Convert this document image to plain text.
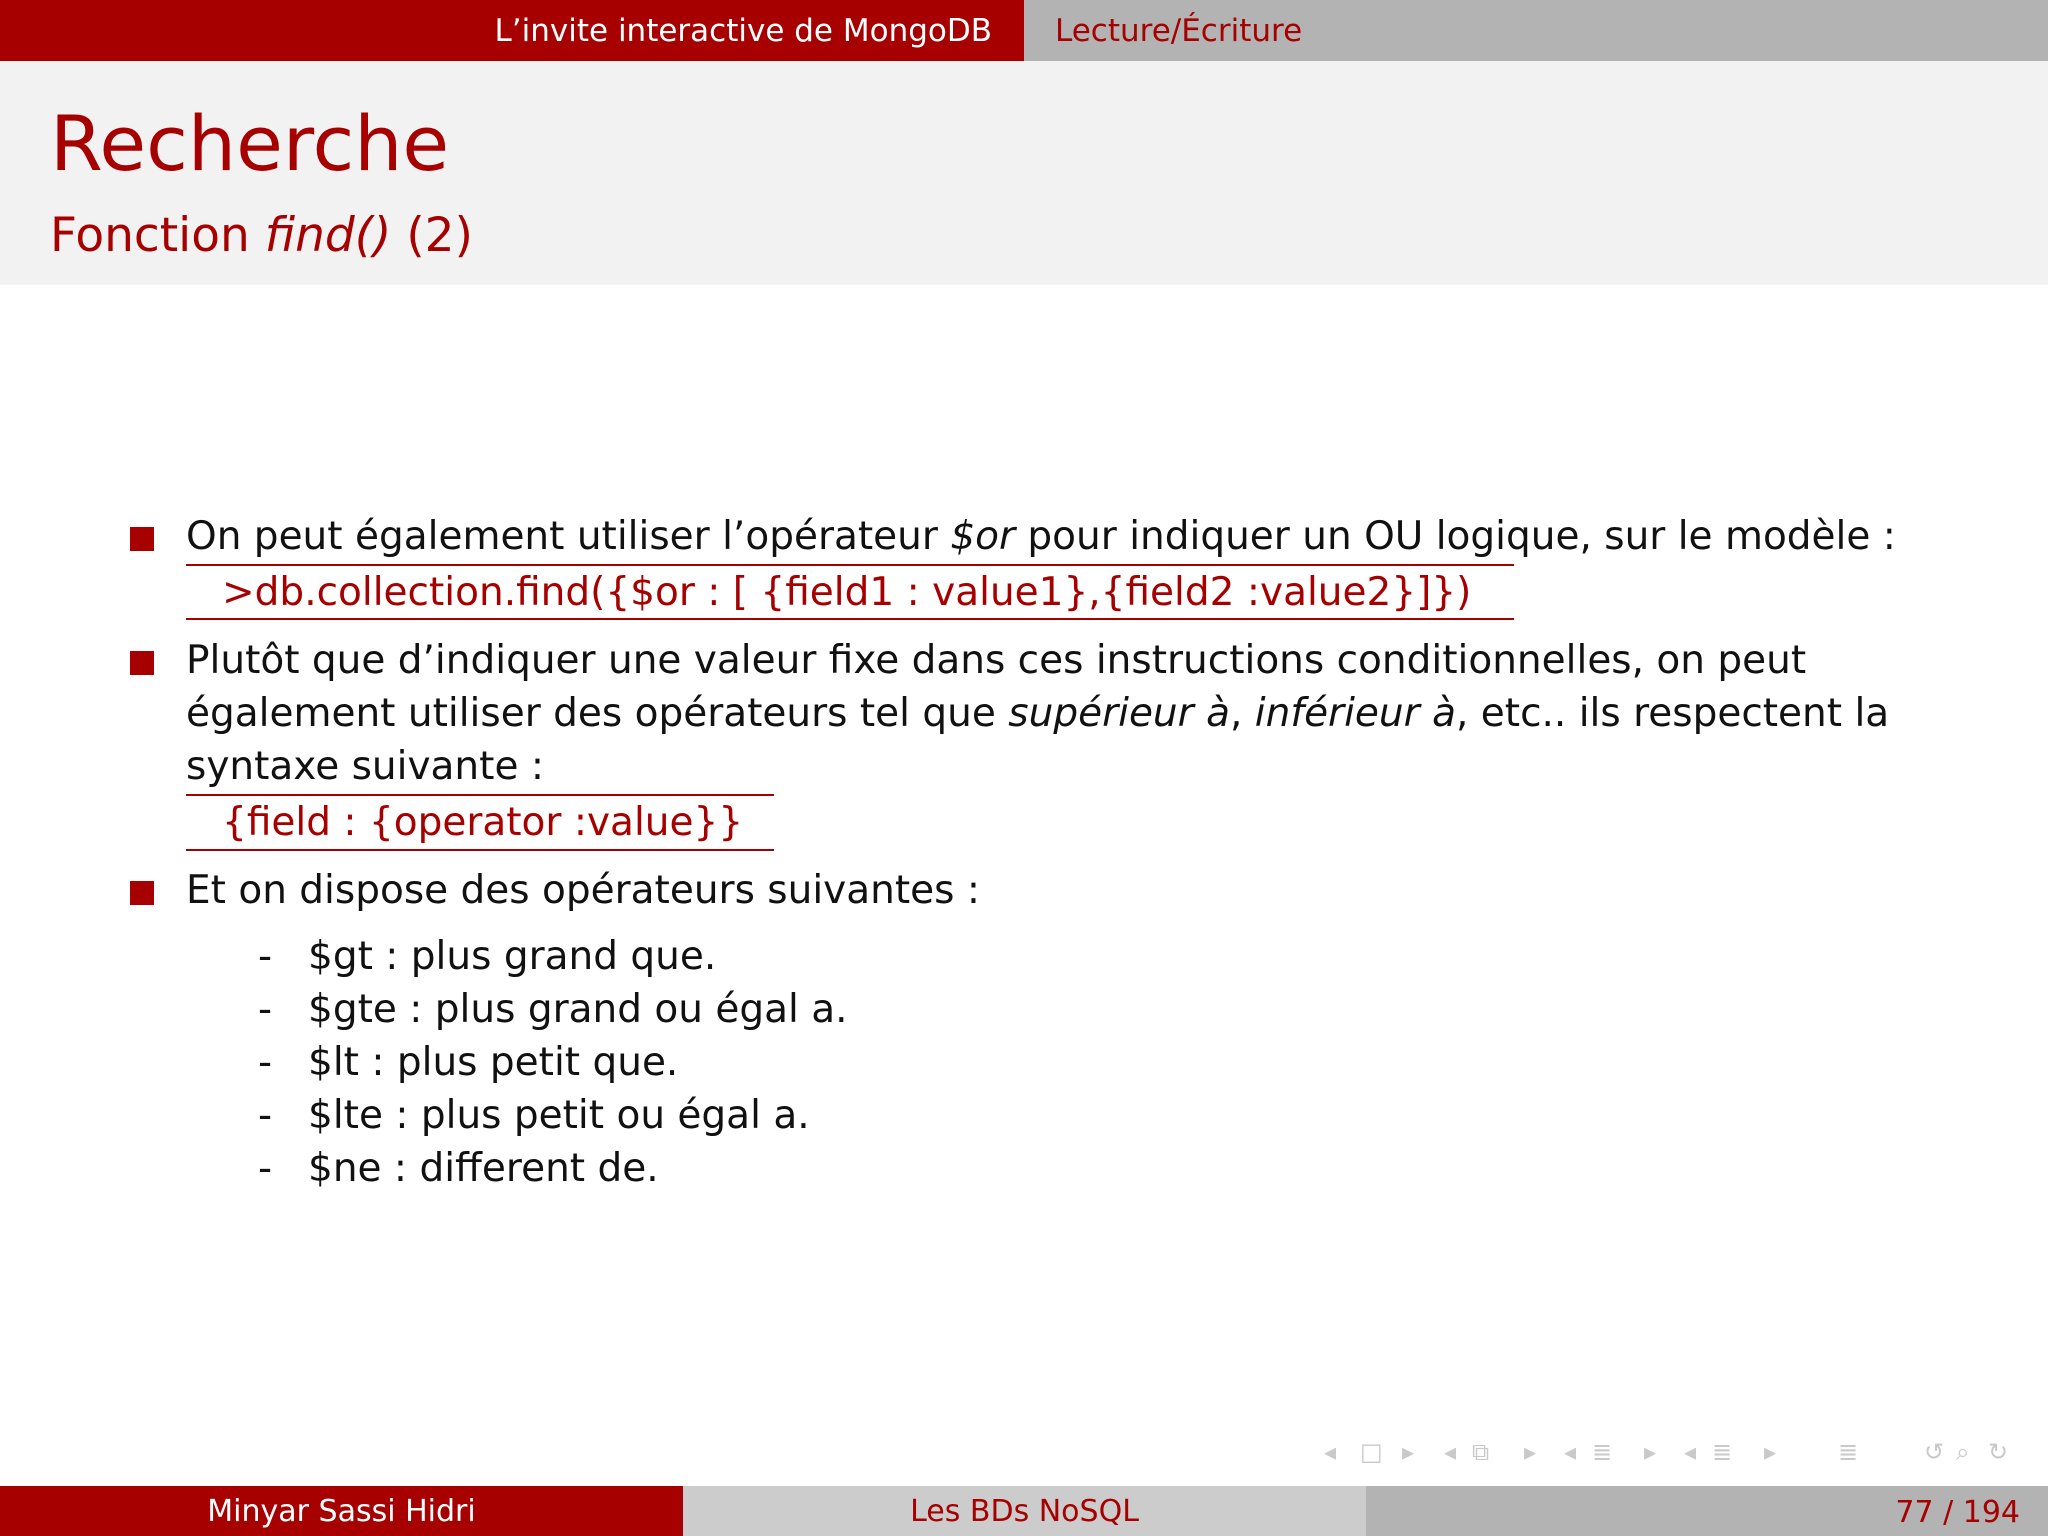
L’invite interactive de MongoDB Lecture/Écriture
Recherche
Fonction find() (2)
On peut également utiliser l’opérateur $or pour indiquer un OU logique, sur le modèle :
>db.collection.find({$or : [ {field1 : value1},{field2 :value2}]})
Plutôt que d’indiquer une valeur fixe dans ces instructions conditionnelles, on peut
également utiliser des opérateurs tel que supérieur à, inférieur à, etc.. ils respectent la
syntaxe suivante :
{field : {operator :value}}
Et on dispose des opérateurs suivantes :
- $gt : plus grand que.
- $gte : plus grand ou égal a.
- $lt : plus petit que.
- $lte : plus petit ou égal a.
- $ne : different de.
◂ □ ▸ ◂ ⧉ ▸ ◂ ≣ ▸ ◂ ≣ ▸	≣	↺ ⌕ ↻
Minyar Sassi Hidri	Les BDs NoSQL	77 / 194
